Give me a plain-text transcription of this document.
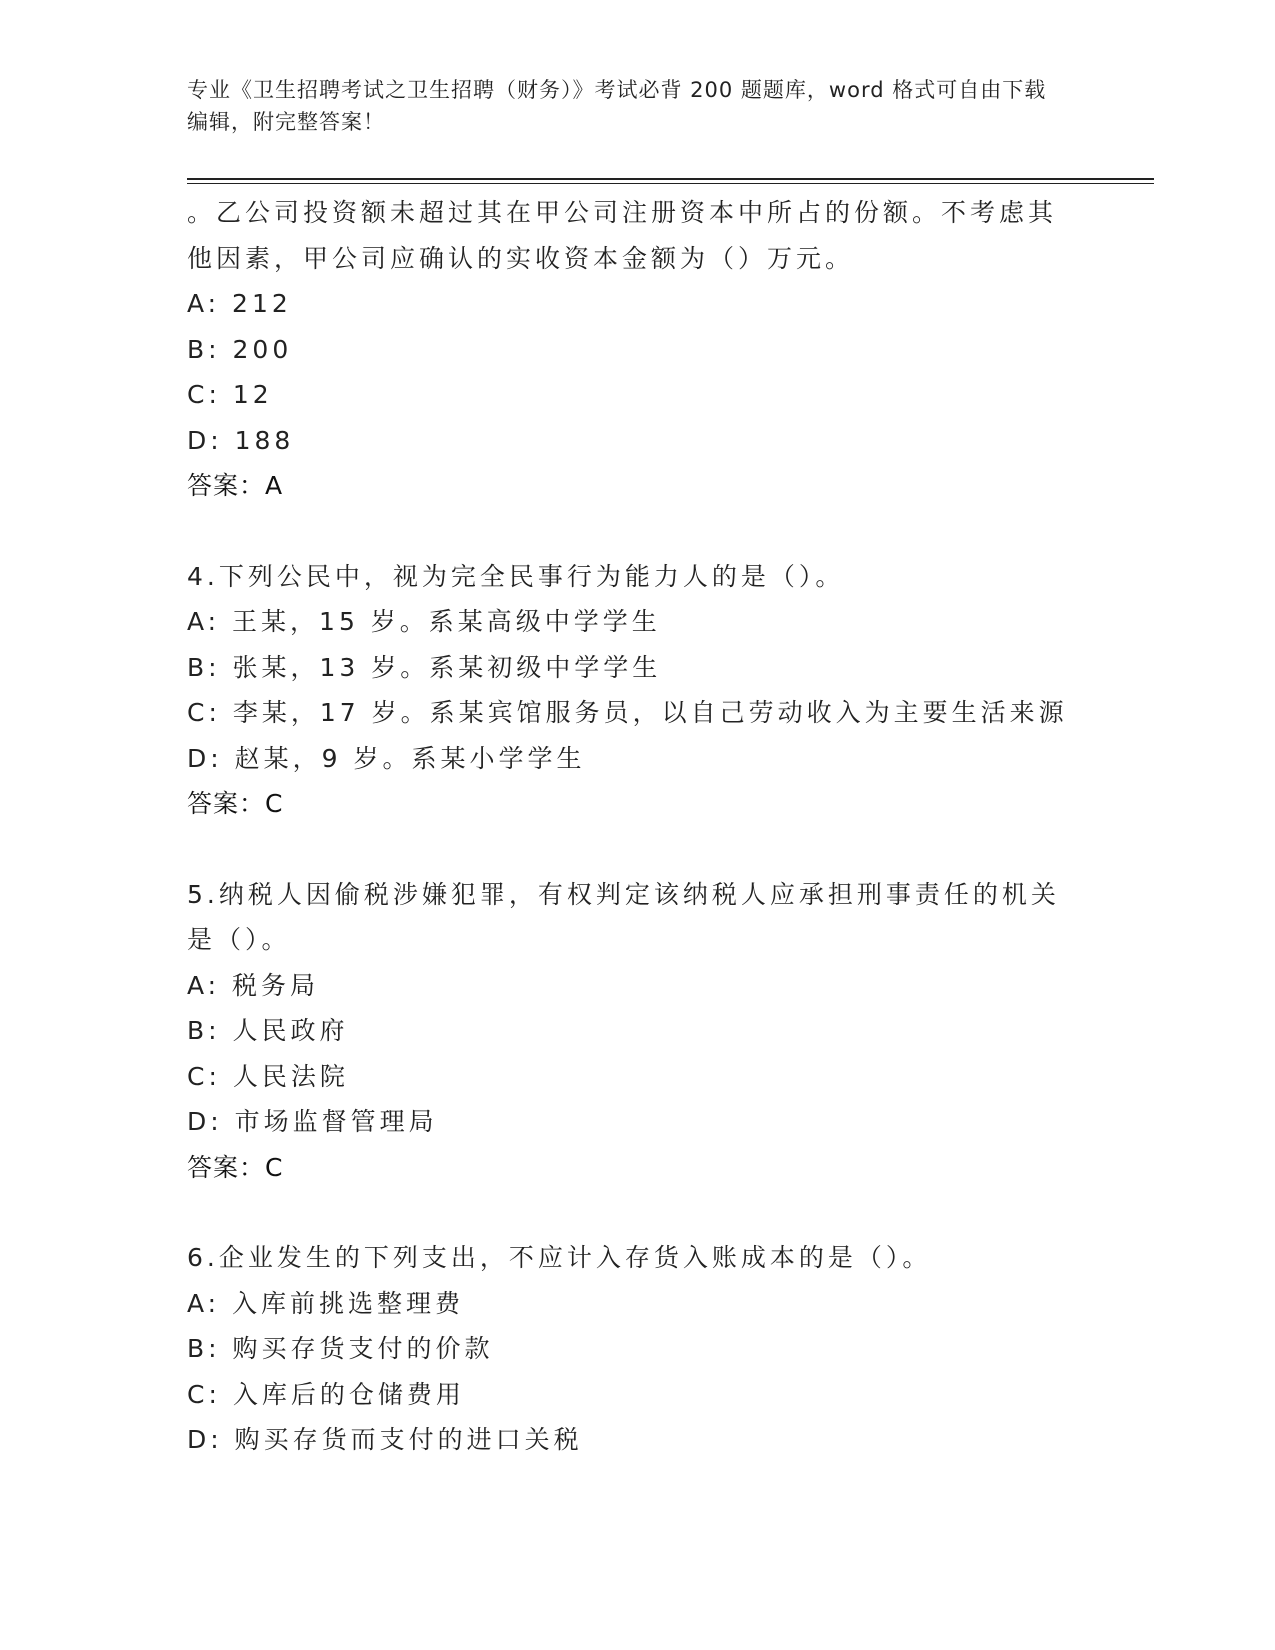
专业《卫生招聘考试之卫生招聘（财务）》考试必背 200 题题库，word 格式可自由下载编辑，附完整答案！
。乙公司投资额未超过其在甲公司注册资本中所占的份额。不考虑其他因素，甲公司应确认的实收资本金额为（）万元。
A: 212
B: 200
C: 12
D: 188
答案：A
4.下列公民中，视为完全民事行为能力人的是（）。
A: 王某，15 岁。系某高级中学学生
B: 张某，13 岁。系某初级中学学生
C: 李某，17 岁。系某宾馆服务员，以自己劳动收入为主要生活来源
D: 赵某，9 岁。系某小学学生
答案：C
5.纳税人因偷税涉嫌犯罪，有权判定该纳税人应承担刑事责任的机关是（）。
A: 税务局
B: 人民政府
C: 人民法院
D: 市场监督管理局
答案：C
6.企业发生的下列支出，不应计入存货入账成本的是（）。
A: 入库前挑选整理费
B: 购买存货支付的价款
C: 入库后的仓储费用
D: 购买存货而支付的进口关税
